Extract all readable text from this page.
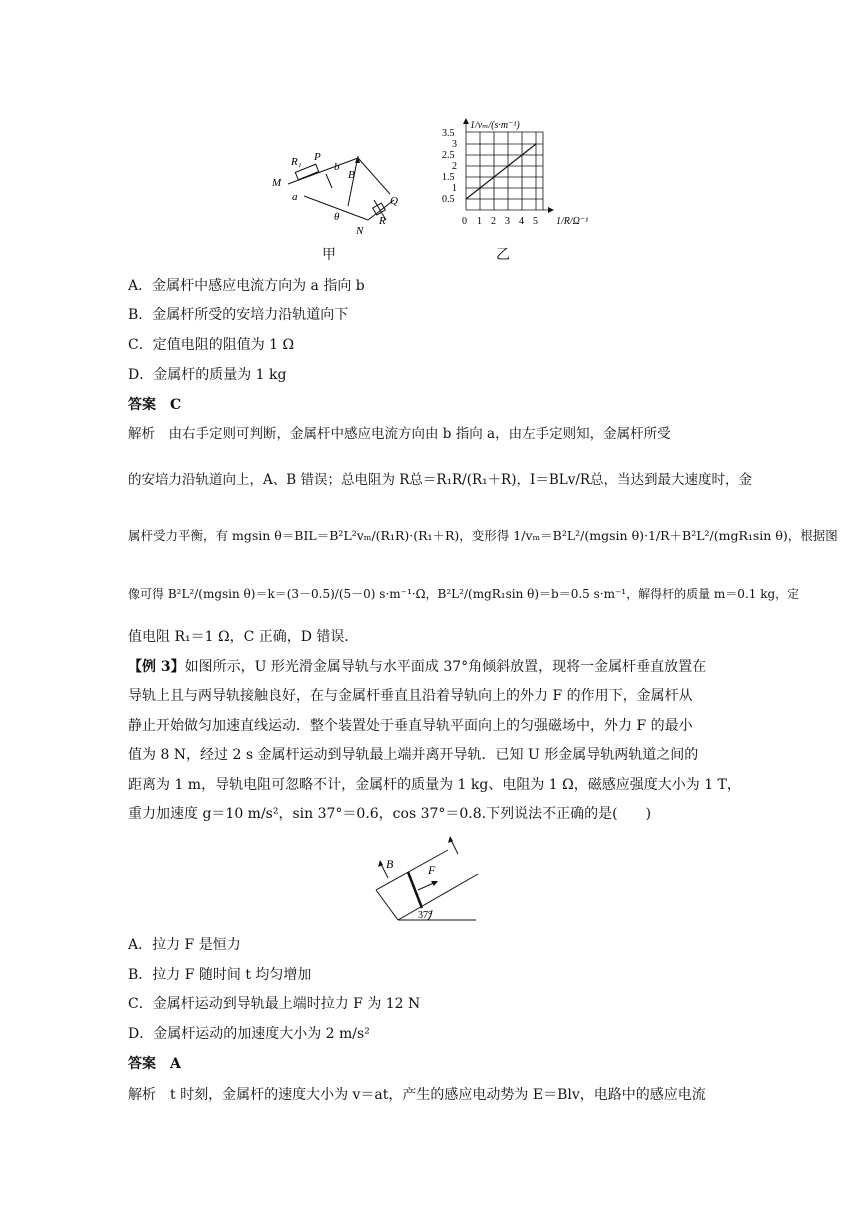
R₁ P
b
B
M
a	Q
R
θ
N
甲
1/vₘ/(s·m⁻¹)
1/R/Ω⁻¹
3.5
3
2.5
2
1.5
1
0.5
0 1 2 3 4 5
乙
A．金属杆中感应电流方向为 a 指向 b
B．金属杆所受的安培力沿轨道向下
C．定值电阻的阻值为 1 Ω
D．金属杆的质量为 1 kg
答案　C
解析　由右手定则可判断，金属杆中感应电流方向由 b 指向 a，由左手定则知，金属杆所受
的安培力沿轨道向上，A、B 错误；总电阻为 R总＝R₁R/(R₁＋R)，I＝BLv/R总，当达到最大速度时，金
属杆受力平衡，有 mgsin θ＝BIL＝B²L²vₘ/(R₁R)·(R₁＋R)，变形得 1/vₘ＝B²L²/(mgsin θ)·1/R＋B²L²/(mgR₁sin θ)，根据图
像可得 B²L²/(mgsin θ)＝k＝(3－0.5)/(5－0) s·m⁻¹·Ω，B²L²/(mgR₁sin θ)＝b＝0.5 s·m⁻¹，解得杆的质量 m＝0.1 kg，定
值电阻 R₁＝1 Ω，C 正确，D 错误．
【例 3】如图所示，U 形光滑金属导轨与水平面成 37°角倾斜放置，现将一金属杆垂直放置在
导轨上且与两导轨接触良好，在与金属杆垂直且沿着导轨向上的外力 F 的作用下，金属杆从
静止开始做匀加速直线运动．整个装置处于垂直导轨平面向上的匀强磁场中，外力 F 的最小
值为 8 N，经过 2 s 金属杆运动到导轨最上端并离开导轨．已知 U 形金属导轨两轨道之间的
距离为 1 m，导轨电阻可忽略不计，金属杆的质量为 1 kg、电阻为 1 Ω，磁感应强度大小为 1 T，
重力加速度 g＝10 m/s²，sin 37°＝0.6，cos 37°＝0.8.下列说法不正确的是(　　)
B	F
37°
A．拉力 F 是恒力
B．拉力 F 随时间 t 均匀增加
C．金属杆运动到导轨最上端时拉力 F 为 12 N
D．金属杆运动的加速度大小为 2 m/s²
答案　A
解析　t 时刻，金属杆的速度大小为 v＝at，产生的感应电动势为 E＝Blv，电路中的感应电流
